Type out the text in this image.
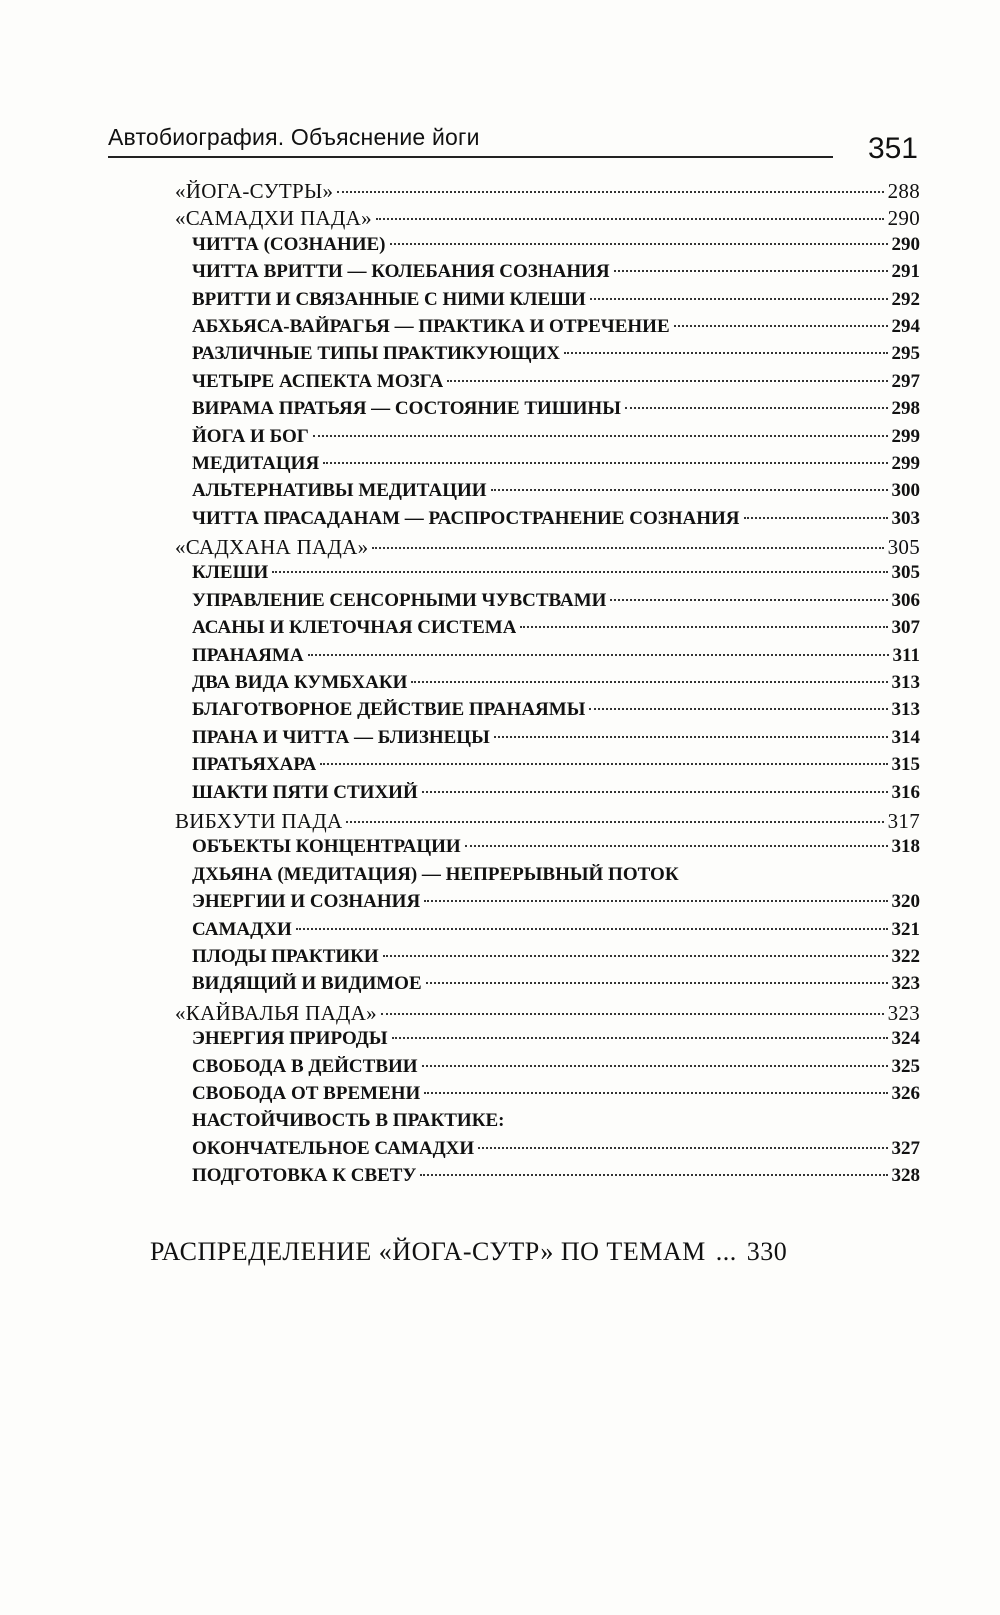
Автобиография. Объяснение йоги	351
«ЙОГА-СУТРЫ»	288
«САМАДХИ ПАДА»	290
ЧИТТА (СОЗНАНИЕ)	290
ЧИТТА ВРИТТИ — КОЛЕБАНИЯ СОЗНАНИЯ	291
ВРИТТИ И СВЯЗАННЫЕ С НИМИ КЛЕШИ	292
АБХЬЯСА-ВАЙРАГЬЯ — ПРАКТИКА И ОТРЕЧЕНИЕ	294
РАЗЛИЧНЫЕ ТИПЫ ПРАКТИКУЮЩИХ	295
ЧЕТЫРЕ АСПЕКТА МОЗГА	297
ВИРАМА ПРАТЬЯЯ — СОСТОЯНИЕ ТИШИНЫ	298
ЙОГА И БОГ	299
МЕДИТАЦИЯ	299
АЛЬТЕРНАТИВЫ МЕДИТАЦИИ	300
ЧИТТА ПРАСАДАНАМ — РАСПРОСТРАНЕНИЕ СОЗНАНИЯ	303
«САДХАНА ПАДА»	305
КЛЕШИ	305
УПРАВЛЕНИЕ СЕНСОРНЫМИ ЧУВСТВАМИ	306
АСАНЫ И КЛЕТОЧНАЯ СИСТЕМА	307
ПРАНАЯМА	311
ДВА ВИДА КУМБХАКИ	313
БЛАГОТВОРНОЕ ДЕЙСТВИЕ ПРАНАЯМЫ	313
ПРАНА И ЧИТТА — БЛИЗНЕЦЫ	314
ПРАТЬЯХАРА	315
ШАКТИ ПЯТИ СТИХИЙ	316
ВИБХУТИ ПАДА	317
ОБЪЕКТЫ КОНЦЕНТРАЦИИ	318
ДХЬЯНА (МЕДИТАЦИЯ) — НЕПРЕРЫВНЫЙ ПОТОК
ЭНЕРГИИ И СОЗНАНИЯ	320
САМАДХИ	321
ПЛОДЫ ПРАКТИКИ	322
ВИДЯЩИЙ И ВИДИМОЕ	323
«КАЙВАЛЬЯ ПАДА»	323
ЭНЕРГИЯ ПРИРОДЫ	324
СВОБОДА В ДЕЙСТВИИ	325
СВОБОДА ОТ ВРЕМЕНИ	326
НАСТОЙЧИВОСТЬ В ПРАКТИКЕ:
ОКОНЧАТЕЛЬНОЕ САМАДХИ	327
ПОДГОТОВКА К СВЕТУ	328
РАСПРЕДЕЛЕНИЕ «ЙОГА-СУТР» ПО ТЕМАМ ... 330
